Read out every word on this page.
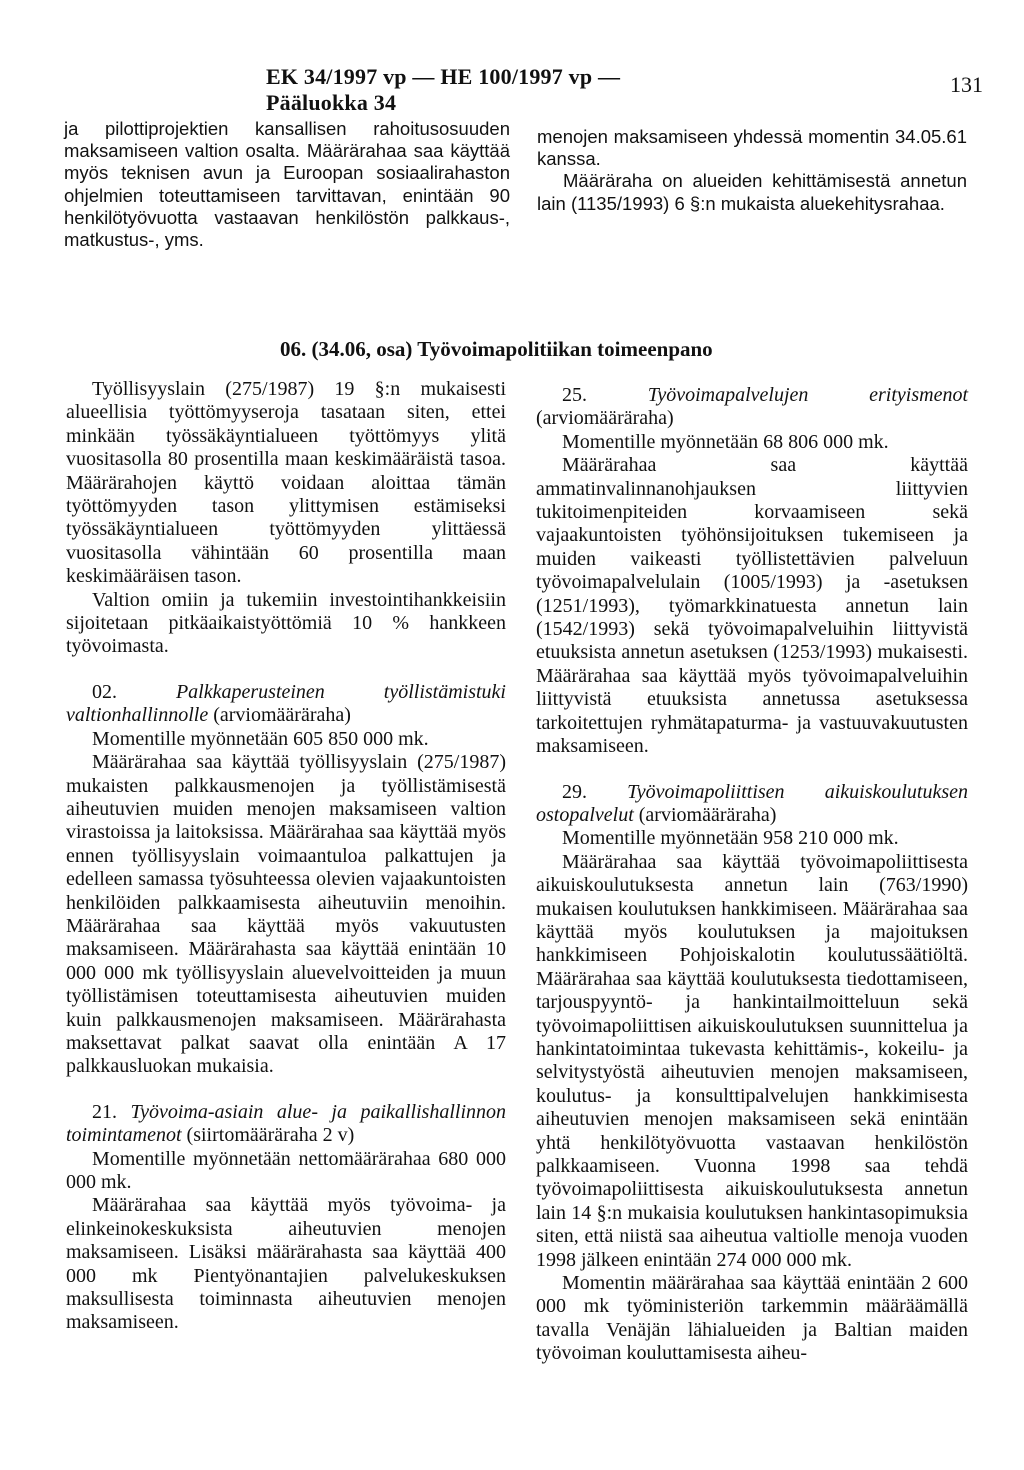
EK 34/1997 vp — HE 100/1997 vp — Pääluokka 34
131

ja pilottiprojektien kansallisen rahoitusosuuden maksamiseen valtion osalta. Määrärahaa saa käyttää myös teknisen avun ja Euroopan sosiaalirahaston ohjelmien toteuttamiseen tarvittavan, enintään 90 henkilötyövuotta vastaavan henkilöstön palkkaus-, matkustus-, yms.

menojen maksamiseen yhdessä momentin 34.05.61 kanssa.

Määräraha on alueiden kehittämisestä annetun lain (1135/1993) 6 §:n mukaista aluekehitysrahaa.

06. (34.06, osa) Työvoimapolitiikan toimeenpano

Työllisyyslain (275/1987) 19 §:n mukaisesti alueellisia työttömyyseroja tasataan siten, ettei minkään työssäkäyntialueen työttömyys ylitä vuositasolla 80 prosentilla maan keskimääräistä tasoa. Määrärahojen käyttö voidaan aloittaa tämän työttömyyden tason ylittymisen estämiseksi työssäkäyntialueen työttömyyden ylittäessä vuositasolla vähintään 60 prosentilla maan keskimääräisen tason.

Valtion omiin ja tukemiin investointihankkeisiin sijoitetaan pitkäaikaistyöttömiä 10 % hankkeen työvoimasta.

02.	Palkkaperusteinen työllistämistuki valtionhallinnolle (arviomääräraha)

Momentille myönnetään 605 850 000 mk.

Määrärahaa saa käyttää työllisyyslain (275/1987) mukaisten palkkausmenojen ja työllistämisestä aiheutuvien muiden menojen maksamiseen valtion virastoissa ja laitoksissa. Määrärahaa saa käyttää myös ennen työllisyyslain voimaantuloa palkattujen ja edelleen samassa työsuhteessa olevien vajaakuntoisten henkilöiden palkkaamisesta aiheutuviin menoihin. Määrärahaa saa käyttää myös vakuutusten maksamiseen. Määrärahasta saa käyttää enintään 10 000 000 mk työllisyyslain aluevelvoitteiden ja muun työllistämisen toteuttamisesta aiheutuvien muiden kuin palkkausmenojen maksamiseen. Määrärahasta maksettavat palkat saavat olla enintään A 17 palkkausluokan mukaisia.

21. Työvoima-asiain alue- ja paikallishallinnon toimintamenot (siirtomääräraha 2 v)

Momentille myönnetään nettomäärärahaa 680 000 000 mk.

Määrärahaa saa käyttää myös työvoima- ja elinkeinokeskuksista aiheutuvien menojen maksamiseen. Lisäksi määrärahasta saa käyttää 400 000 mk Pientyönantajien palvelukeskuksen maksullisesta toiminnasta aiheutuvien menojen maksamiseen.

25.	Työvoimapalvelujen erityismenot (arviomääräraha)

Momentille myönnetään 68 806 000 mk.

Määrärahaa saa käyttää ammatinvalinnanohjauksen liittyvien tukitoimenpiteiden korvaamiseen sekä vajaakuntoisten työhönsijoituksen tukemiseen ja muiden vaikeasti työllistettävien palveluun työvoimapalvelulain (1005/1993) ja -asetuksen (1251/1993), työmarkkinatuesta annetun lain (1542/1993) sekä työvoimapalveluihin liittyvistä etuuksista annetun asetuksen (1253/1993) mukaisesti. Määrärahaa saa käyttää myös työvoimapalveluihin liittyvistä etuuksista annetussa asetuksessa tarkoitettujen ryhmätapaturma- ja vastuuvakuutusten maksamiseen.

29. Työvoimapoliittisen aikuiskoulutuksen ostopalvelut (arviomääräraha)

Momentille myönnetään 958 210 000 mk.

Määrärahaa saa käyttää työvoimapoliittisesta aikuiskoulutuksesta annetun lain (763/1990) mukaisen koulutuksen hankkimiseen. Määrärahaa saa käyttää myös koulutuksen ja majoituksen hankkimiseen Pohjoiskalotin koulutussäätiöltä. Määrärahaa saa käyttää koulutuksesta tiedottamiseen, tarjouspyyntö- ja hankintailmoitteluun sekä työvoimapoliittisen aikuiskoulutuksen suunnittelua ja hankintatoimintaa tukevasta kehittämis-, kokeilu- ja selvitystyöstä aiheutuvien menojen maksamiseen, koulutus- ja konsulttipalvelujen hankkimisesta aiheutuvien menojen maksamiseen sekä enintään yhtä henkilötyövuotta vastaavan henkilöstön palkkaamiseen. Vuonna 1998 saa tehdä työvoimapoliittisesta aikuiskoulutuksesta annetun lain 14 §:n mukaisia koulutuksen hankintasopimuksia siten, että niistä saa aiheutua valtiolle menoja vuoden 1998 jälkeen enintään 274 000 000 mk.

Momentin määrärahaa saa käyttää enintään 2 600 000 mk työministeriön tarkemmin määräämällä tavalla Venäjän lähialueiden ja Baltian maiden työvoiman kouluttamisesta aiheu-
